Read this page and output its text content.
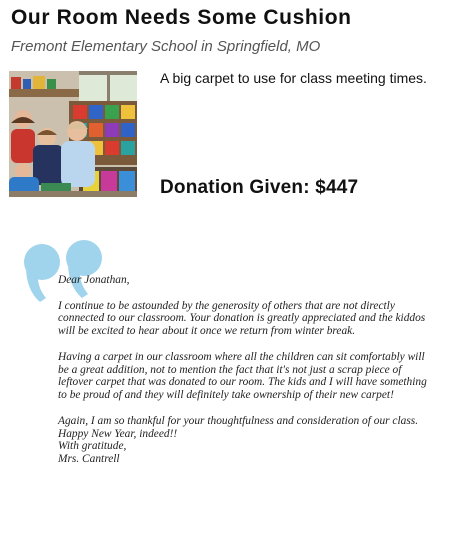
Our Room Needs Some Cushion
Fremont Elementary School in Springfield, MO
A big carpet to use for class meeting times.
Donation Given: $447

Dear Jonathan,

I continue to be astounded by the generosity of others that are not directly connected to our classroom. Your donation is greatly appreciated and the kiddos will be excited to hear about it once we return from winter break.

Having a carpet in our classroom where all the children can sit comfortably will be a great addition, not to mention the fact that it's not just a scrap piece of leftover carpet that was donated to our room. The kids and I will have something to be proud of and they will definitely take ownership of their new carpet!

Again, I am so thankful for your thoughtfulness and consideration of our class. Happy New Year, indeed!!

With gratitude,
Mrs. Cantrell
